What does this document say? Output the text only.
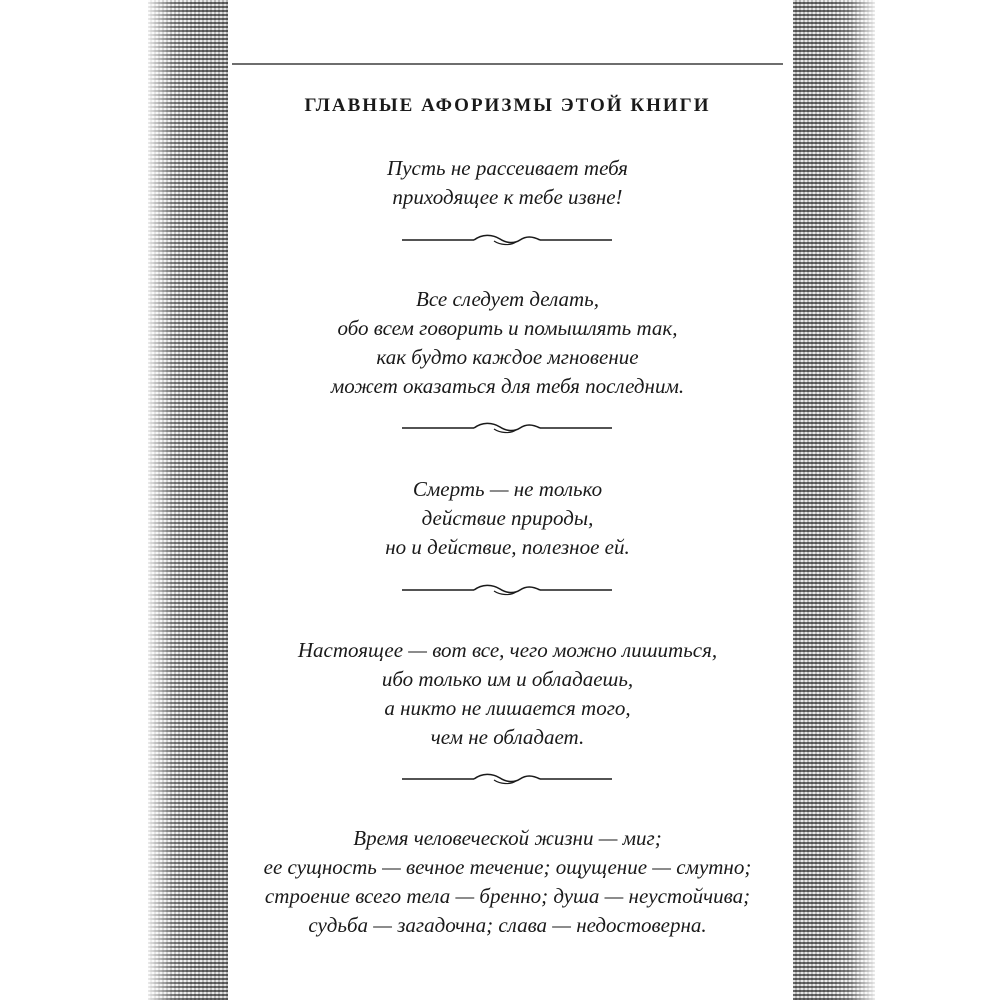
ГЛАВНЫЕ АФОРИЗМЫ ЭТОЙ КНИГИ
Пусть не рассеивает тебя
приходящее к тебе извне!
Все следует делать,
обо всем говорить и помышлять так,
как будто каждое мгновение
может оказаться для тебя последним.
Смерть — не только
действие природы,
но и действие, полезное ей.
Настоящее — вот все, чего можно лишиться,
ибо только им и обладаешь,
а никто не лишается того,
чем не обладает.
Время человеческой жизни — миг;
ее сущность — вечное течение; ощущение — смутно;
строение всего тела — бренно; душа — неустойчива;
судьба — загадочна; слава — недостоверна.
